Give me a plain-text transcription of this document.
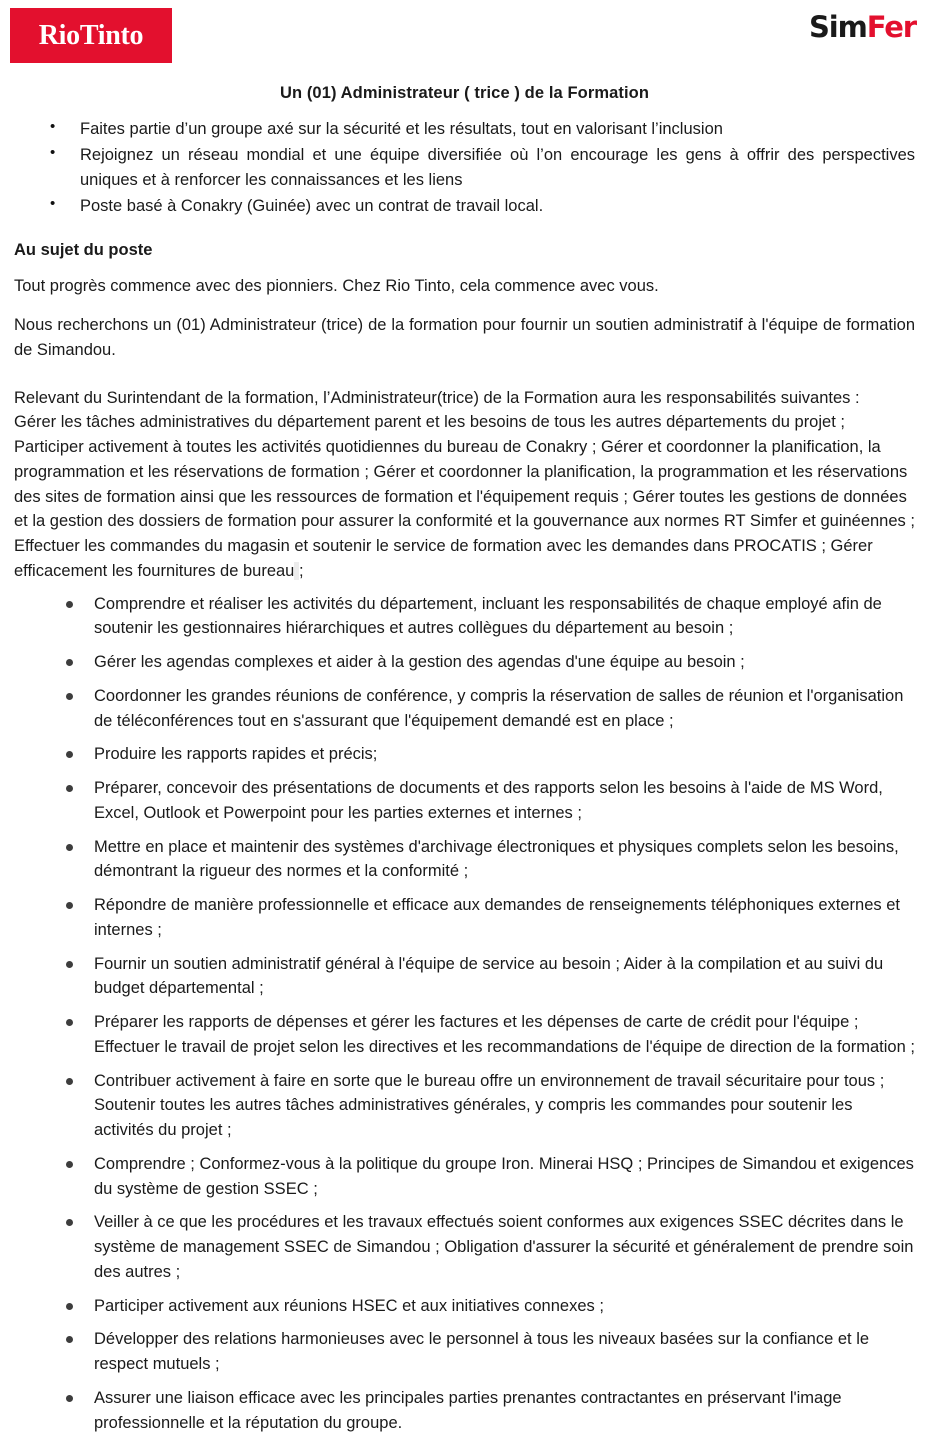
RioTinto	SimFer
Un (01) Administrateur ( trice ) de la Formation
• Faites partie d’un groupe axé sur la sécurité et les résultats, tout en valorisant l’inclusion
• Rejoignez un réseau mondial et une équipe diversifiée où l’on encourage les gens à offrir des perspectives uniques et à renforcer les connaissances et les liens
• Poste basé à Conakry (Guinée) avec un contrat de travail local.
Au sujet du poste

Tout progrès commence avec des pionniers. Chez Rio Tinto, cela commence avec vous.

Nous recherchons un (01) Administrateur (trice) de la formation pour fournir un soutien administratif à l'équipe de formation de Simandou.

Relevant du Surintendant de la formation, l’Administrateur(trice) de la Formation aura les responsabilités suivantes :

Gérer les tâches administratives du département parent et les besoins de tous les autres départements du projet ; Participer activement à toutes les activités quotidiennes du bureau de Conakry ; Gérer et coordonner la planification, la programmation et les réservations de formation ; Gérer et coordonner la planification, la programmation et les réservations des sites de formation ainsi que les ressources de formation et l'équipement requis ; Gérer toutes les gestions de données et la gestion des dossiers de formation pour assurer la conformité et la gouvernance aux normes RT Simfer et guinéennes ; Effectuer les commandes du magasin et soutenir le service de formation avec les demandes dans PROCATIS ; Gérer efficacement les fournitures de bureau ;

Comprendre et réaliser les activités du département, incluant les responsabilités de chaque employé afin de soutenir les gestionnaires hiérarchiques et autres collègues du département au besoin ;
Gérer les agendas complexes et aider à la gestion des agendas d'une équipe au besoin ;
Coordonner les grandes réunions de conférence, y compris la réservation de salles de réunion et l'organisation de téléconférences tout en s'assurant que l'équipement demandé est en place ;
Produire les rapports rapides et précis;
Préparer, concevoir des présentations de documents et des rapports selon les besoins à l'aide de MS Word, Excel, Outlook et Powerpoint pour les parties externes et internes ;
Mettre en place et maintenir des systèmes d'archivage électroniques et physiques complets selon les besoins, démontrant la rigueur des normes et la conformité ;
Répondre de manière professionnelle et efficace aux demandes de renseignements téléphoniques externes et internes ;
Fournir un soutien administratif général à l'équipe de service au besoin ; Aider à la compilation et au suivi du budget départemental ;
Préparer les rapports de dépenses et gérer les factures et les dépenses de carte de crédit pour l'équipe ; Effectuer le travail de projet selon les directives et les recommandations de l'équipe de direction de la formation ;
Contribuer activement à faire en sorte que le bureau offre un environnement de travail sécuritaire pour tous ; Soutenir toutes les autres tâches administratives générales, y compris les commandes pour soutenir les activités du projet ;
Comprendre ; Conformez-vous à la politique du groupe Iron. Minerai HSQ ; Principes de Simandou et exigences du système de gestion SSEC ;
Veiller à ce que les procédures et les travaux effectués soient conformes aux exigences SSEC décrites dans le système de management SSEC de Simandou ; Obligation d'assurer la sécurité et généralement de prendre soin des autres ;
Participer activement aux réunions HSEC et aux initiatives connexes ;
Développer des relations harmonieuses avec le personnel à tous les niveaux basées sur la confiance et le respect mutuels ;
Assurer une liaison efficace avec les principales parties prenantes contractantes en préservant l'image professionnelle et la réputation du groupe.
